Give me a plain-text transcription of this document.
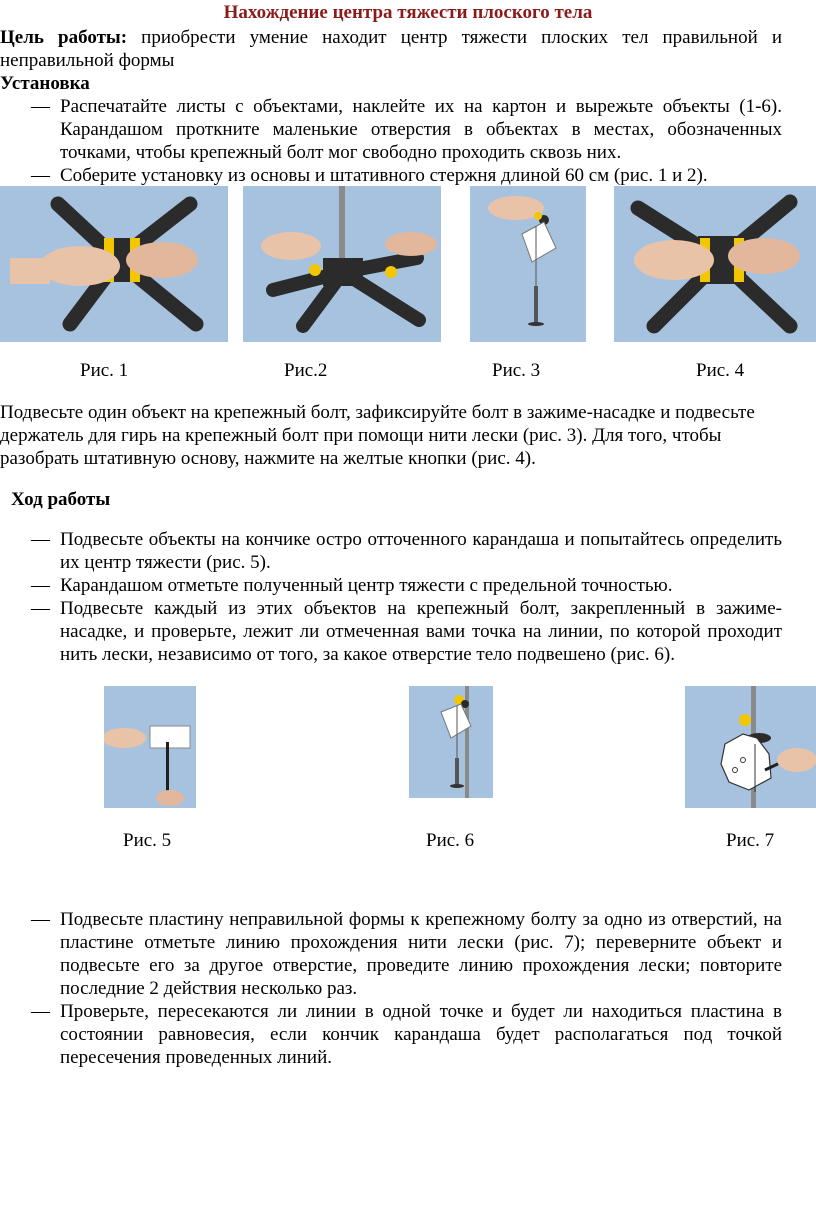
Нахождение центра тяжести плоского тела
Цель работы: приобрести умение находит центр тяжести плоских тел правильной и неправильной формы
Установка
— Распечатайте листы с объектами, наклейте их на картон и вырежьте объекты (1-6). Карандашом проткните маленькие отверстия в объектах в местах, обозначенных точками, чтобы крепежный болт мог свободно проходить сквозь них.
— Соберите установку из основы и штативного стержня длиной 60 см (рис. 1 и 2).
Рис. 1	Рис.2	Рис. 3	Рис. 4
Подвесьте один объект на крепежный болт, зафиксируйте болт в зажиме-насадке и подвесьте держатель для гирь на крепежный болт при помощи нити лески (рис. 3). Для того, чтобы разобрать штативную основу, нажмите на желтые кнопки (рис. 4).
Ход работы
— Подвесьте объекты на кончике остро отточенного карандаша и попытайтесь определить их центр тяжести (рис. 5).
— Карандашом отметьте полученный центр тяжести с предельной точностью.
— Подвесьте каждый из этих объектов на крепежный болт, закрепленный в зажиме-насадке, и проверьте, лежит ли отмеченная вами точка на линии, по которой проходит нить лески, независимо от того, за какое отверстие тело подвешено (рис. 6).
Рис. 5	Рис. 6	Рис. 7
— Подвесьте пластину неправильной формы к крепежному болту за одно из отверстий, на пластине отметьте линию прохождения нити лески (рис. 7); переверните объект и подвесьте его за другое отверстие, проведите линию прохождения лески; повторите последние 2 действия несколько раз.
— Проверьте, пересекаются ли линии в одной точке и будет ли находиться пластина в состоянии равновесия, если кончик карандаша будет располагаться под точкой пересечения проведенных линий.
